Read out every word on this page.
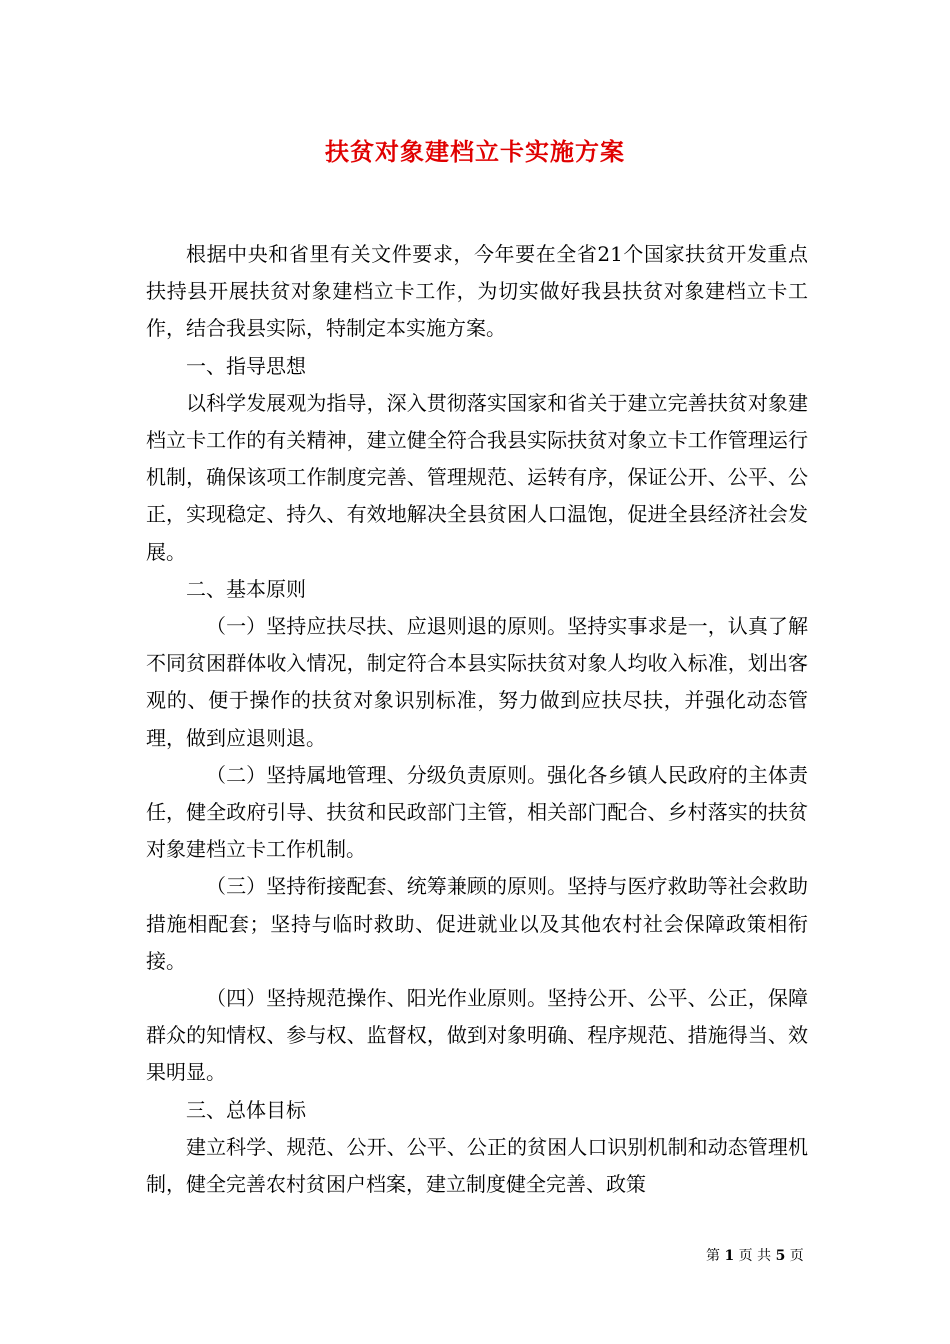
扶贫对象建档立卡实施方案

根据中央和省里有关文件要求，今年要在全省21个国家扶贫开发重点扶持县开展扶贫对象建档立卡工作，为切实做好我县扶贫对象建档立卡工作，结合我县实际，特制定本实施方案。

一、指导思想

以科学发展观为指导，深入贯彻落实国家和省关于建立完善扶贫对象建档立卡工作的有关精神，建立健全符合我县实际扶贫对象立卡工作管理运行机制，确保该项工作制度完善、管理规范、运转有序，保证公开、公平、公正，实现稳定、持久、有效地解决全县贫困人口温饱，促进全县经济社会发展。

二、基本原则

（一）坚持应扶尽扶、应退则退的原则。坚持实事求是一，认真了解不同贫困群体收入情况，制定符合本县实际扶贫对象人均收入标准，划出客观的、便于操作的扶贫对象识别标准，努力做到应扶尽扶，并强化动态管理，做到应退则退。

（二）坚持属地管理、分级负责原则。强化各乡镇人民政府的主体责任，健全政府引导、扶贫和民政部门主管，相关部门配合、乡村落实的扶贫对象建档立卡工作机制。

（三）坚持衔接配套、统筹兼顾的原则。坚持与医疗救助等社会救助措施相配套；坚持与临时救助、促进就业以及其他农村社会保障政策相衔接。

（四）坚持规范操作、阳光作业原则。坚持公开、公平、公正，保障群众的知情权、参与权、监督权，做到对象明确、程序规范、措施得当、效果明显。

三、总体目标

建立科学、规范、公开、公平、公正的贫困人口识别机制和动态管理机制，健全完善农村贫困户档案，建立制度健全完善、政策

第 1 页 共 5 页
